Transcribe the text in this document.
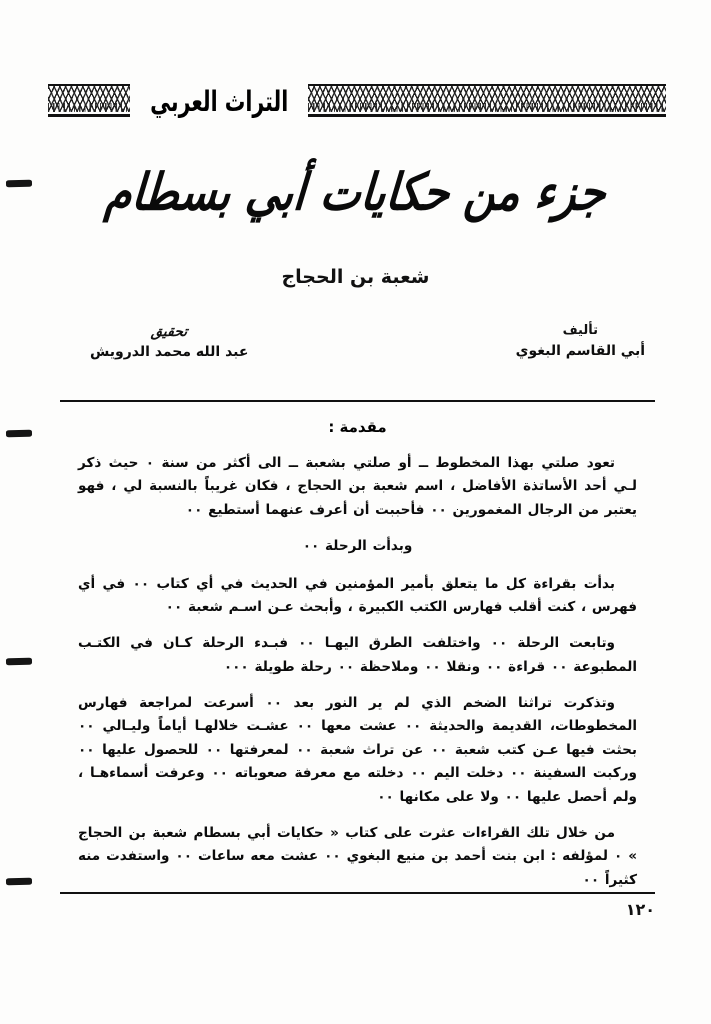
التراث العربي
جزء من حكايات أبي بسطام
شعبة بن الحجاج
تأليف
أبي القاسم البغوي
تحقيق
عبد الله محمد الدرويش
مقدمة :

تعود صلتي بهذا المخطوط ــ أو صلتي بشعبة ــ الى أكثر من سنة ٠ حيث ذكر لـي أحد الأساتذة الأفاضل ، اسم شعبة بن الحجاج ، فكان غريباً بالنسبة لي ، فهو يعتبر من الرجال المغمورين ٠٠ فأحببت أن أعرف عنهما أستطيع ٠٠

وبدأت الرحلة ٠٠

بدأت بقراءة كل ما يتعلق بأمير المؤمنين في الحديث في أي كتاب ٠٠ في أي فهرس ، كنت أقلب فهارس الكتب الكبيرة ، وأبحث عـن اسـم شعبة ٠٠

وتابعت الرحلة ٠٠ واختلفت الطرق اليهـا ٠٠ فبـدء الرحلة كـان في الكتـب المطبوعة ٠٠ قراءة ٠٠ ونقلا ٠٠ وملاحظة ٠٠ رحلة طويلة ٠٠٠

وتذكرت تراثنا الضخم الذي لم ير النور بعد ٠٠ أسرعت لمراجعة فهارس المخطوطات، القديمة والحديثة ٠٠ عشت معها ٠٠ عشـت خلالهـا أياماً وليـالي ٠٠ بحثت فيها عـن كتب شعبة ٠٠ عن تراث شعبة ٠٠ لمعرفتها ٠٠ للحصول عليها ٠٠ وركبت السفينة ٠٠ دخلت اليم ٠٠ دخلته مع معرفة صعوباته ٠٠ وعرفت أسماءهـا ، ولم أحصل عليها ٠٠ ولا على مكانها ٠٠

من خلال تلك القراءات عثرت على كتاب « حكايات أبي بسطام شعبة بن الحجاج » ٠ لمؤلفه : ابن بنت أحمد بن منيع البغوي ٠٠ عشت معه ساعات ٠٠ واستفدت منه كثيراً ٠٠

١٢٠
